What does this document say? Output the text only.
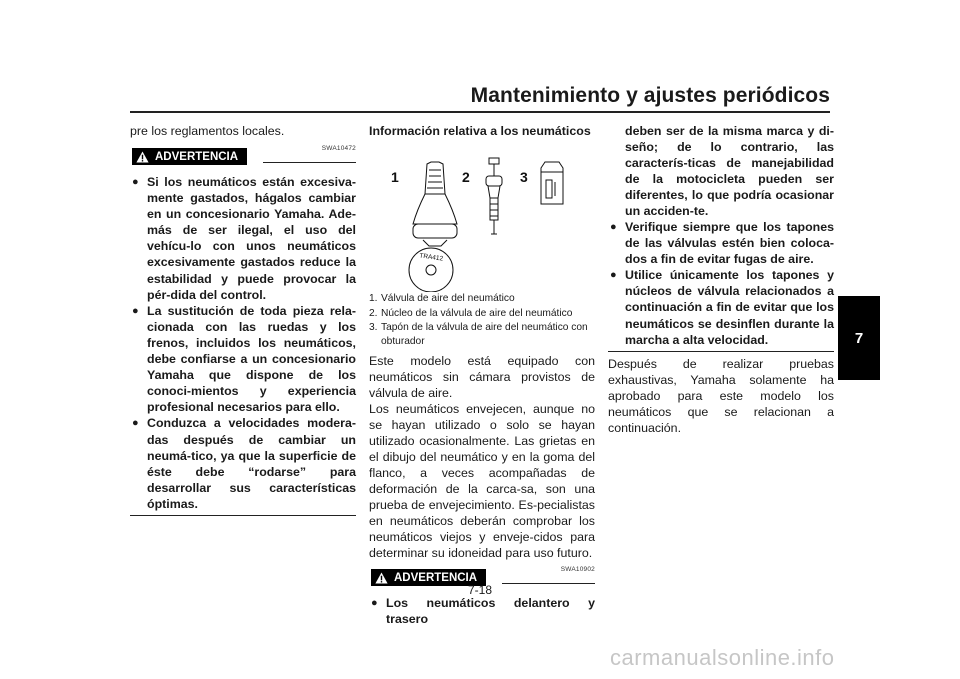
Mantenimiento y ajustes periódicos
7

pre los reglamentos locales.

SWA10472
ADVERTENCIA
● Si los neumáticos están excesiva-mente gastados, hágalos cambiar en un concesionario Yamaha. Ade-más de ser ilegal, el uso del vehícu-lo con unos neumáticos excesivamente gastados reduce la estabilidad y puede provocar la pér-dida del control.
● La sustitución de toda pieza rela-cionada con las ruedas y los frenos, incluidos los neumáticos, debe confiarse a un concesionario Yamaha que dispone de los conoci-mientos y experiencia profesional necesarios para ello.
● Conduzca a velocidades modera-das después de cambiar un neumá-tico, ya que la superficie de éste debe “rodarse” para desarrollar sus características óptimas.

Información relativa a los neumáticos

1	2	3
TRA412
1. Válvula de aire del neumático
2. Núcleo de la válvula de aire del neumático
3. Tapón de la válvula de aire del neumático con obturador

Este modelo está equipado con neumáticos sin cámara provistos de válvula de aire.

Los neumáticos envejecen, aunque no se hayan utilizado o solo se hayan utilizado ocasionalmente. Las grietas en el dibujo del neumático y en la goma del flanco, a veces acompañadas de deformación de la carca-sa, son una prueba de envejecimiento. Es-pecialistas en neumáticos deberán comprobar los neumáticos viejos y enveje-cidos para determinar su idoneidad para uso futuro.

SWA10902
ADVERTENCIA
● Los neumáticos delantero y trasero

deben ser de la misma marca y di-seño; de lo contrario, las caracterís-ticas de manejabilidad de la motocicleta pueden ser diferentes, lo que podría ocasionar un acciden-te.

● Verifique siempre que los tapones de las válvulas estén bien coloca-dos a fin de evitar fugas de aire.
● Utilice únicamente los tapones y núcleos de válvula relacionados a continuación a fin de evitar que los neumáticos se desinflen durante la marcha a alta velocidad.

Después de realizar pruebas exhaustivas, Yamaha solamente ha aprobado para este modelo los neumáticos que se relacionan a continuación.

7-18
carmanualsonline.info
